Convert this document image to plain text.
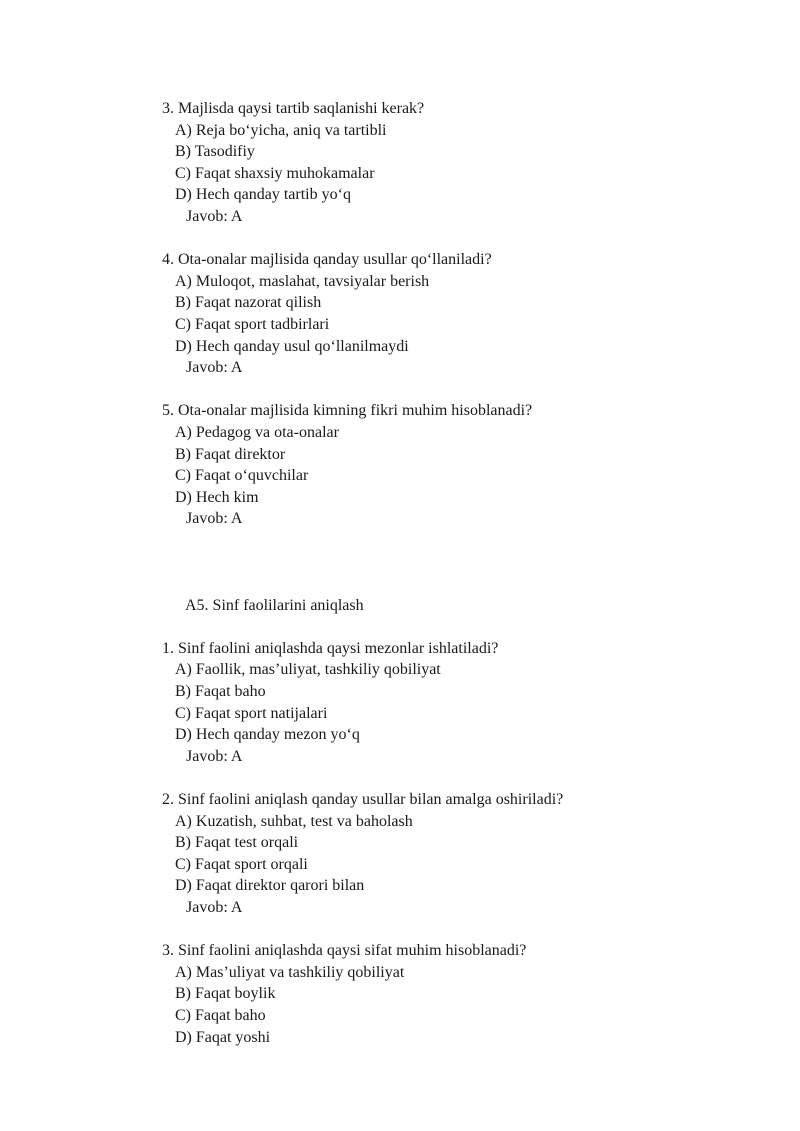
3. Majlisda qaysi tartib saqlanishi kerak?
A) Reja bo‘yicha, aniq va tartibli
B) Tasodifiy
C) Faqat shaxsiy muhokamalar
D) Hech qanday tartib yo‘q
Javob: A
4. Ota-onalar majlisida qanday usullar qo‘llaniladi?
A) Muloqot, maslahat, tavsiyalar berish
B) Faqat nazorat qilish
C) Faqat sport tadbirlari
D) Hech qanday usul qo‘llanilmaydi
Javob: A
5. Ota-onalar majlisida kimning fikri muhim hisoblanadi?
A) Pedagog va ota-onalar
B) Faqat direktor
C) Faqat o‘quvchilar
D) Hech kim
Javob: A
A5. Sinf faolilarini aniqlash
1. Sinf faolini aniqlashda qaysi mezonlar ishlatiladi?
A) Faollik, mas’uliyat, tashkiliy qobiliyat
B) Faqat baho
C) Faqat sport natijalari
D) Hech qanday mezon yo‘q
Javob: A
2. Sinf faolini aniqlash qanday usullar bilan amalga oshiriladi?
A) Kuzatish, suhbat, test va baholash
B) Faqat test orqali
C) Faqat sport orqali
D) Faqat direktor qarori bilan
Javob: A
3. Sinf faolini aniqlashda qaysi sifat muhim hisoblanadi?
A) Mas’uliyat va tashkiliy qobiliyat
B) Faqat boylik
C) Faqat baho
D) Faqat yoshi
